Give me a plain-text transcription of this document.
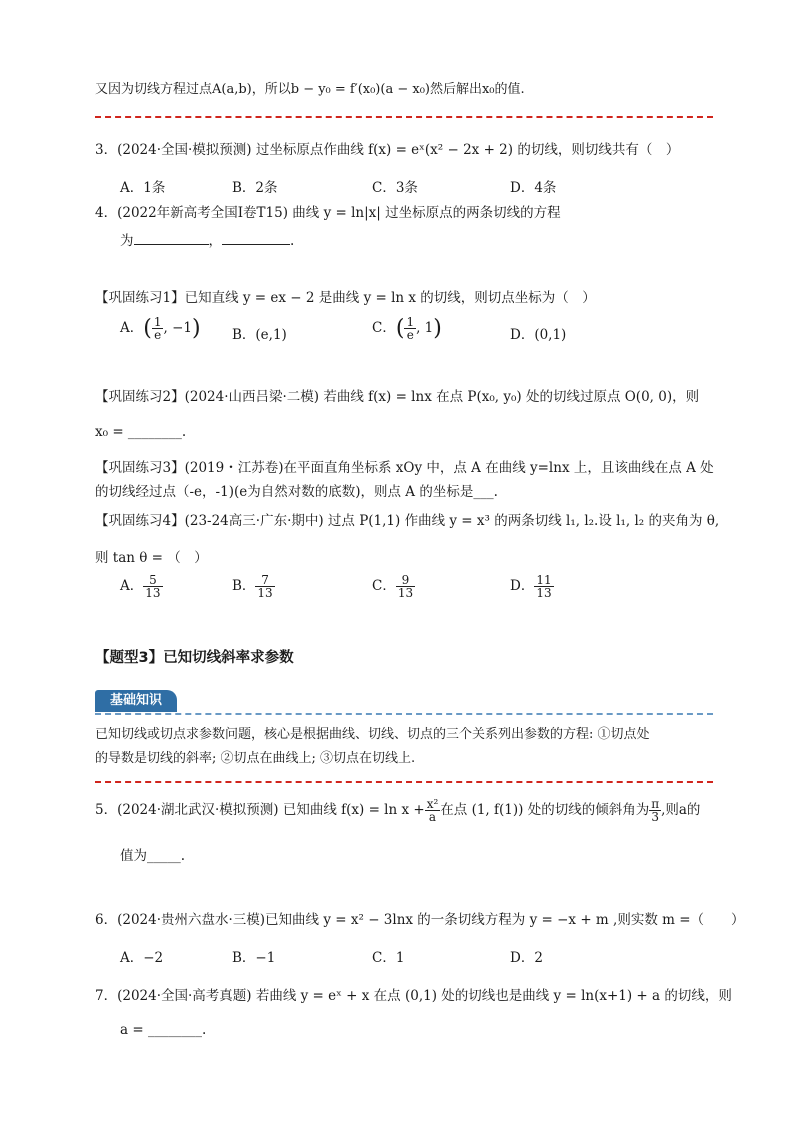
又因为切线方程过点A(a,b)，所以b − y₀ = f′(x₀)(a − x₀)然后解出x₀的值.
3．(2024·全国·模拟预测) 过坐标原点作曲线 f(x) = eˣ(x² − 2x + 2) 的切线，则切线共有（　）
A．1条	B．2条	C．3条	D．4条
4．(2022年新高考全国I卷T15) 曲线 y = ln|x| 过坐标原点的两条切线的方程
为	，	.
【巩固练习1】已知直线 y = ex − 2 是曲线 y = ln x 的切线，则切点坐标为（　）
A．( $\frac{1}{e}$ , −1) B．(e,1)	C．( $\frac{1}{e}$ , 1)	D．(0,1)
【巩固练习2】(2024·山西吕梁·二模) 若曲线 f(x) = lnx 在点 P(x₀, y₀) 处的切线过原点 O(0, 0)，则
x₀ = ________.
【巩固练习3】(2019・江苏卷)在平面直角坐标系 xOy 中，点 A 在曲线 y=lnx 上，且该曲线在点 A 处
的切线经过点（-e，-1)(e为自然对数的底数)，则点 A 的坐标是___.
【巩固练习4】(23-24高三·广东·期中) 过点 P(1,1) 作曲线 y = x³ 的两条切线 l₁, l₂.设 l₁, l₂ 的夹角为 θ,
则 tan θ = （　）
A． $\frac{5}{13}$	B． $\frac{7}{13}$	C． $\frac{9}{13}$	D． $\frac{11}{13}$
【题型3】已知切线斜率求参数
基础知识
已知切线或切点求参数问题，核心是根据曲线、切线、切点的三个关系列出参数的方程: ①切点处
的导数是切线的斜率; ②切点在曲线上; ③切点在切线上.
5．(2024·湖北武汉·模拟预测) 已知曲线 $f(x) = \ln x + \frac{\text{x²}}{a}$ 在点 (1, f(1)) 处的切线的倾斜角为 $\frac{\pi}{3}$ ,则a的
值为_____.
6．(2024·贵州六盘水·三模)已知曲线 y = x² − 3lnx 的一条切线方程为 y = −x + m ,则实数 m =（　　）
A．−2	B．−1	C．1	D．2
7．(2024·全国·高考真题) 若曲线 y = eˣ + x 在点 (0,1) 处的切线也是曲线 y = ln(x+1) + a 的切线，则
a = ________.
